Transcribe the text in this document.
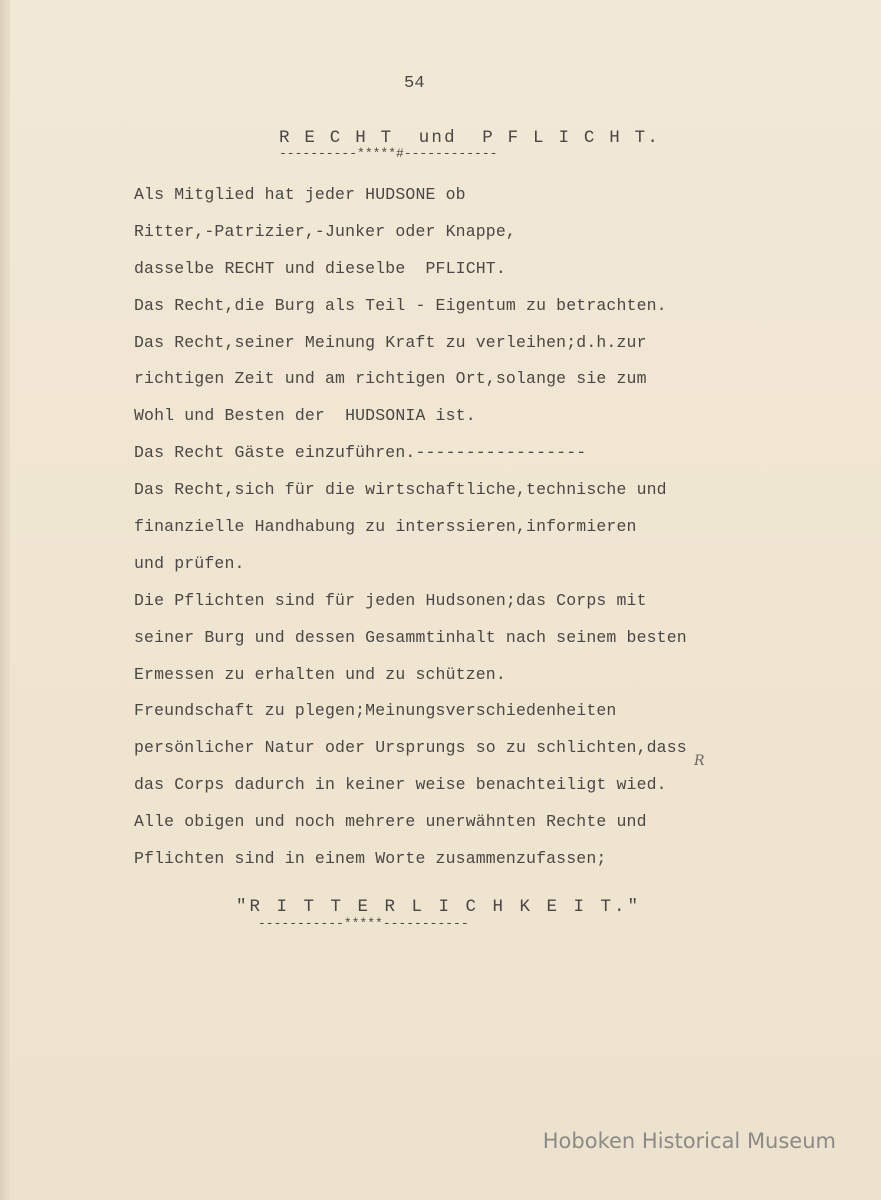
54
R E C H T  und  P F L I C H T.
----------*****#------------
Als Mitglied hat jeder HUDSONE ob
Ritter,-Patrizier,-Junker oder Knappe,
dasselbe RECHT und dieselbe  PFLICHT.
Das Recht,die Burg als Teil - Eigentum zu betrachten.
Das Recht,seiner Meinung Kraft zu verleihen;d.h.zur
richtigen Zeit und am richtigen Ort,solange sie zum
Wohl und Besten der  HUDSONIA ist.
Das Recht Gäste einzuführen.-----------------
Das Recht,sich für die wirtschaftliche,technische und
finanzielle Handhabung zu interssieren,informieren
und prüfen.
Die Pflichten sind für jeden Hudsonen;das Corps mit
seiner Burg und dessen Gesammtinhalt nach seinem besten
Ermessen zu erhalten und zu schützen.
Freundschaft zu plegen;Meinungsverschiedenheiten
persönlicher Natur oder Ursprungs so zu schlichten,dass
das Corps dadurch in keiner weise benachteiligt wied.
Alle obigen und noch mehrere unerwähnten Rechte und
Pflichten sind in einem Worte zusammenzufassen;
R
"R I T T E R L I C H K E I T."
-----------*****-----------
Hoboken Historical Museum
